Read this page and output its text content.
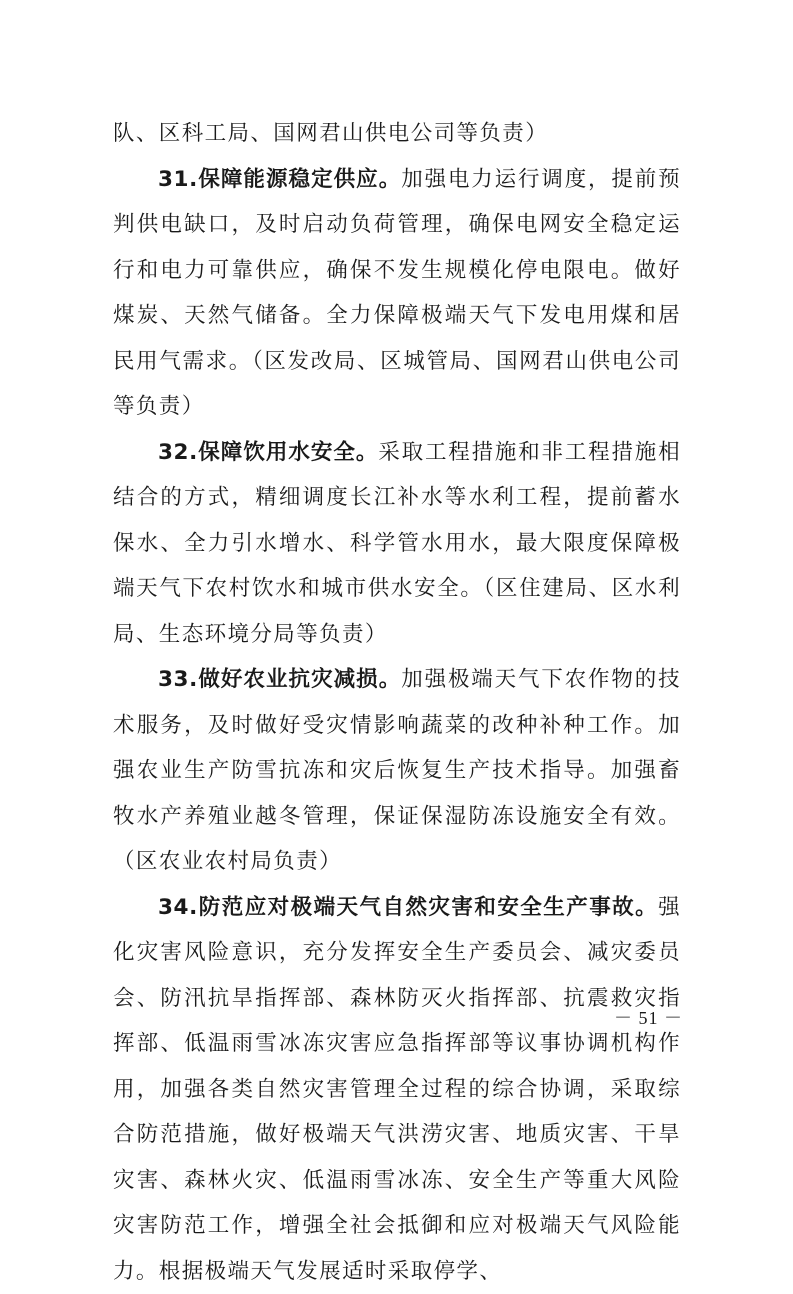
队、区科工局、国网君山供电公司等负责）

31.保障能源稳定供应。加强电力运行调度，提前预判供电缺口，及时启动负荷管理，确保电网安全稳定运行和电力可靠供应，确保不发生规模化停电限电。做好煤炭、天然气储备。全力保障极端天气下发电用煤和居民用气需求。（区发改局、区城管局、国网君山供电公司等负责）

32.保障饮用水安全。采取工程措施和非工程措施相结合的方式，精细调度长江补水等水利工程，提前蓄水保水、全力引水增水、科学管水用水，最大限度保障极端天气下农村饮水和城市供水安全。（区住建局、区水利局、生态环境分局等负责）

33.做好农业抗灾减损。加强极端天气下农作物的技术服务，及时做好受灾情影响蔬菜的改种补种工作。加强农业生产防雪抗冻和灾后恢复生产技术指导。加强畜牧水产养殖业越冬管理，保证保湿防冻设施安全有效。（区农业农村局负责）

34.防范应对极端天气自然灾害和安全生产事故。强化灾害风险意识，充分发挥安全生产委员会、减灾委员会、防汛抗旱指挥部、森林防灭火指挥部、抗震救灾指挥部、低温雨雪冰冻灾害应急指挥部等议事协调机构作用，加强各类自然灾害管理全过程的综合协调，采取综合防范措施，做好极端天气洪涝灾害、地质灾害、干旱灾害、森林火灾、低温雨雪冰冻、安全生产等重大风险灾害防范工作，增强全社会抵御和应对极端天气风险能力。根据极端天气发展适时采取停学、

－ 51 －
